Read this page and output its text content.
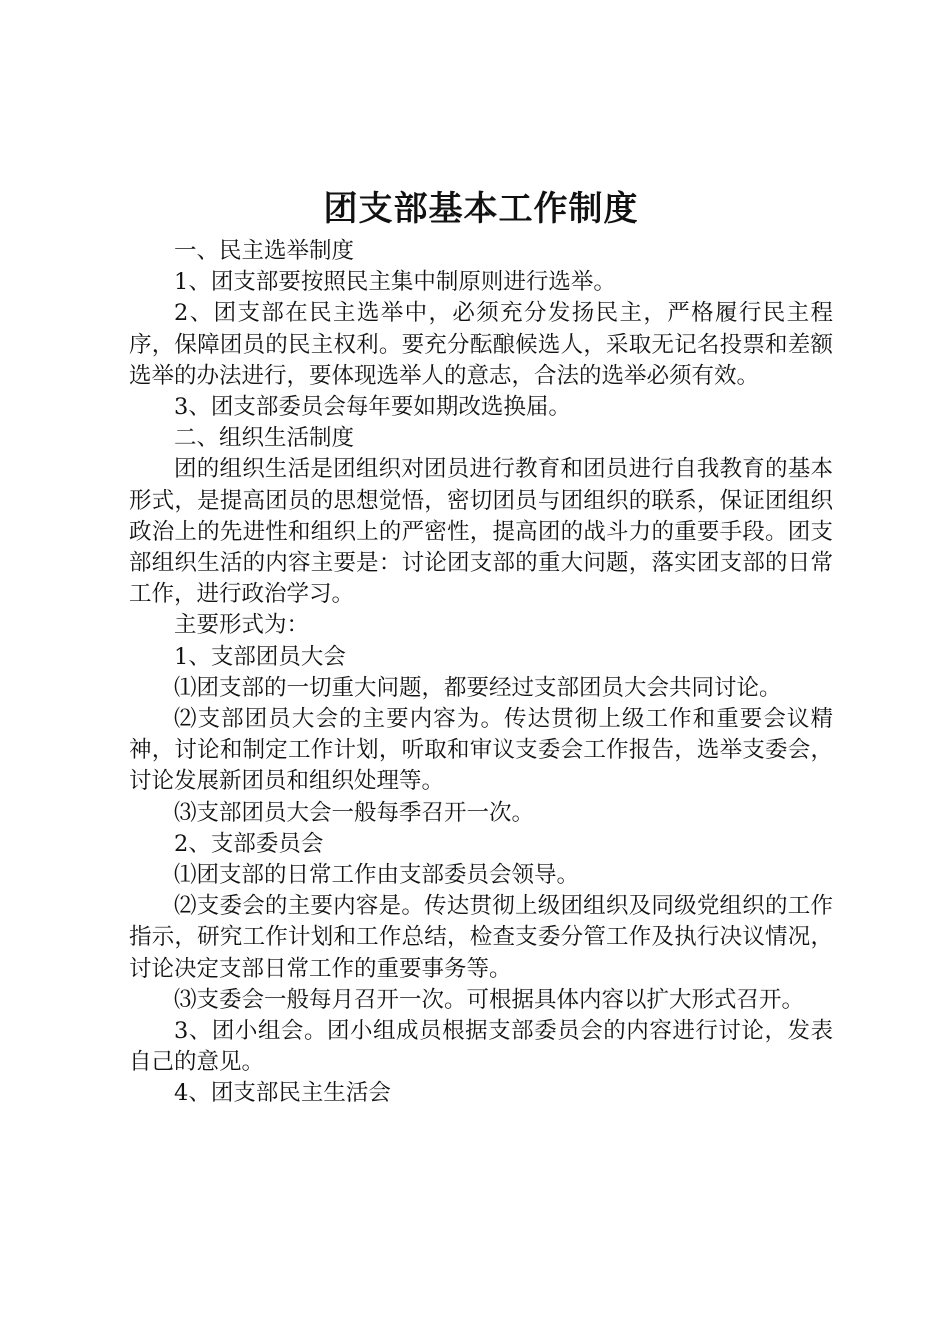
团支部基本工作制度

一、民主选举制度

1、团支部要按照民主集中制原则进行选举。

2、团支部在民主选举中，必须充分发扬民主，严格履行民主程序，保障团员的民主权利。要充分酝酿候选人，采取无记名投票和差额选举的办法进行，要体现选举人的意志，合法的选举必须有效。

3、团支部委员会每年要如期改选换届。

二、组织生活制度

团的组织生活是团组织对团员进行教育和团员进行自我教育的基本形式，是提高团员的思想觉悟，密切团员与团组织的联系，保证团组织政治上的先进性和组织上的严密性，提高团的战斗力的重要手段。团支部组织生活的内容主要是：讨论团支部的重大问题，落实团支部的日常工作，进行政治学习。

主要形式为：

1、支部团员大会

⑴团支部的一切重大问题，都要经过支部团员大会共同讨论。

⑵支部团员大会的主要内容为。传达贯彻上级工作和重要会议精神，讨论和制定工作计划，听取和审议支委会工作报告，选举支委会，讨论发展新团员和组织处理等。

⑶支部团员大会一般每季召开一次。

2、支部委员会

⑴团支部的日常工作由支部委员会领导。

⑵支委会的主要内容是。传达贯彻上级团组织及同级党组织的工作指示，研究工作计划和工作总结，检查支委分管工作及执行决议情况，讨论决定支部日常工作的重要事务等。

⑶支委会一般每月召开一次。可根据具体内容以扩大形式召开。

3、团小组会。团小组成员根据支部委员会的内容进行讨论，发表自己的意见。

4、团支部民主生活会
